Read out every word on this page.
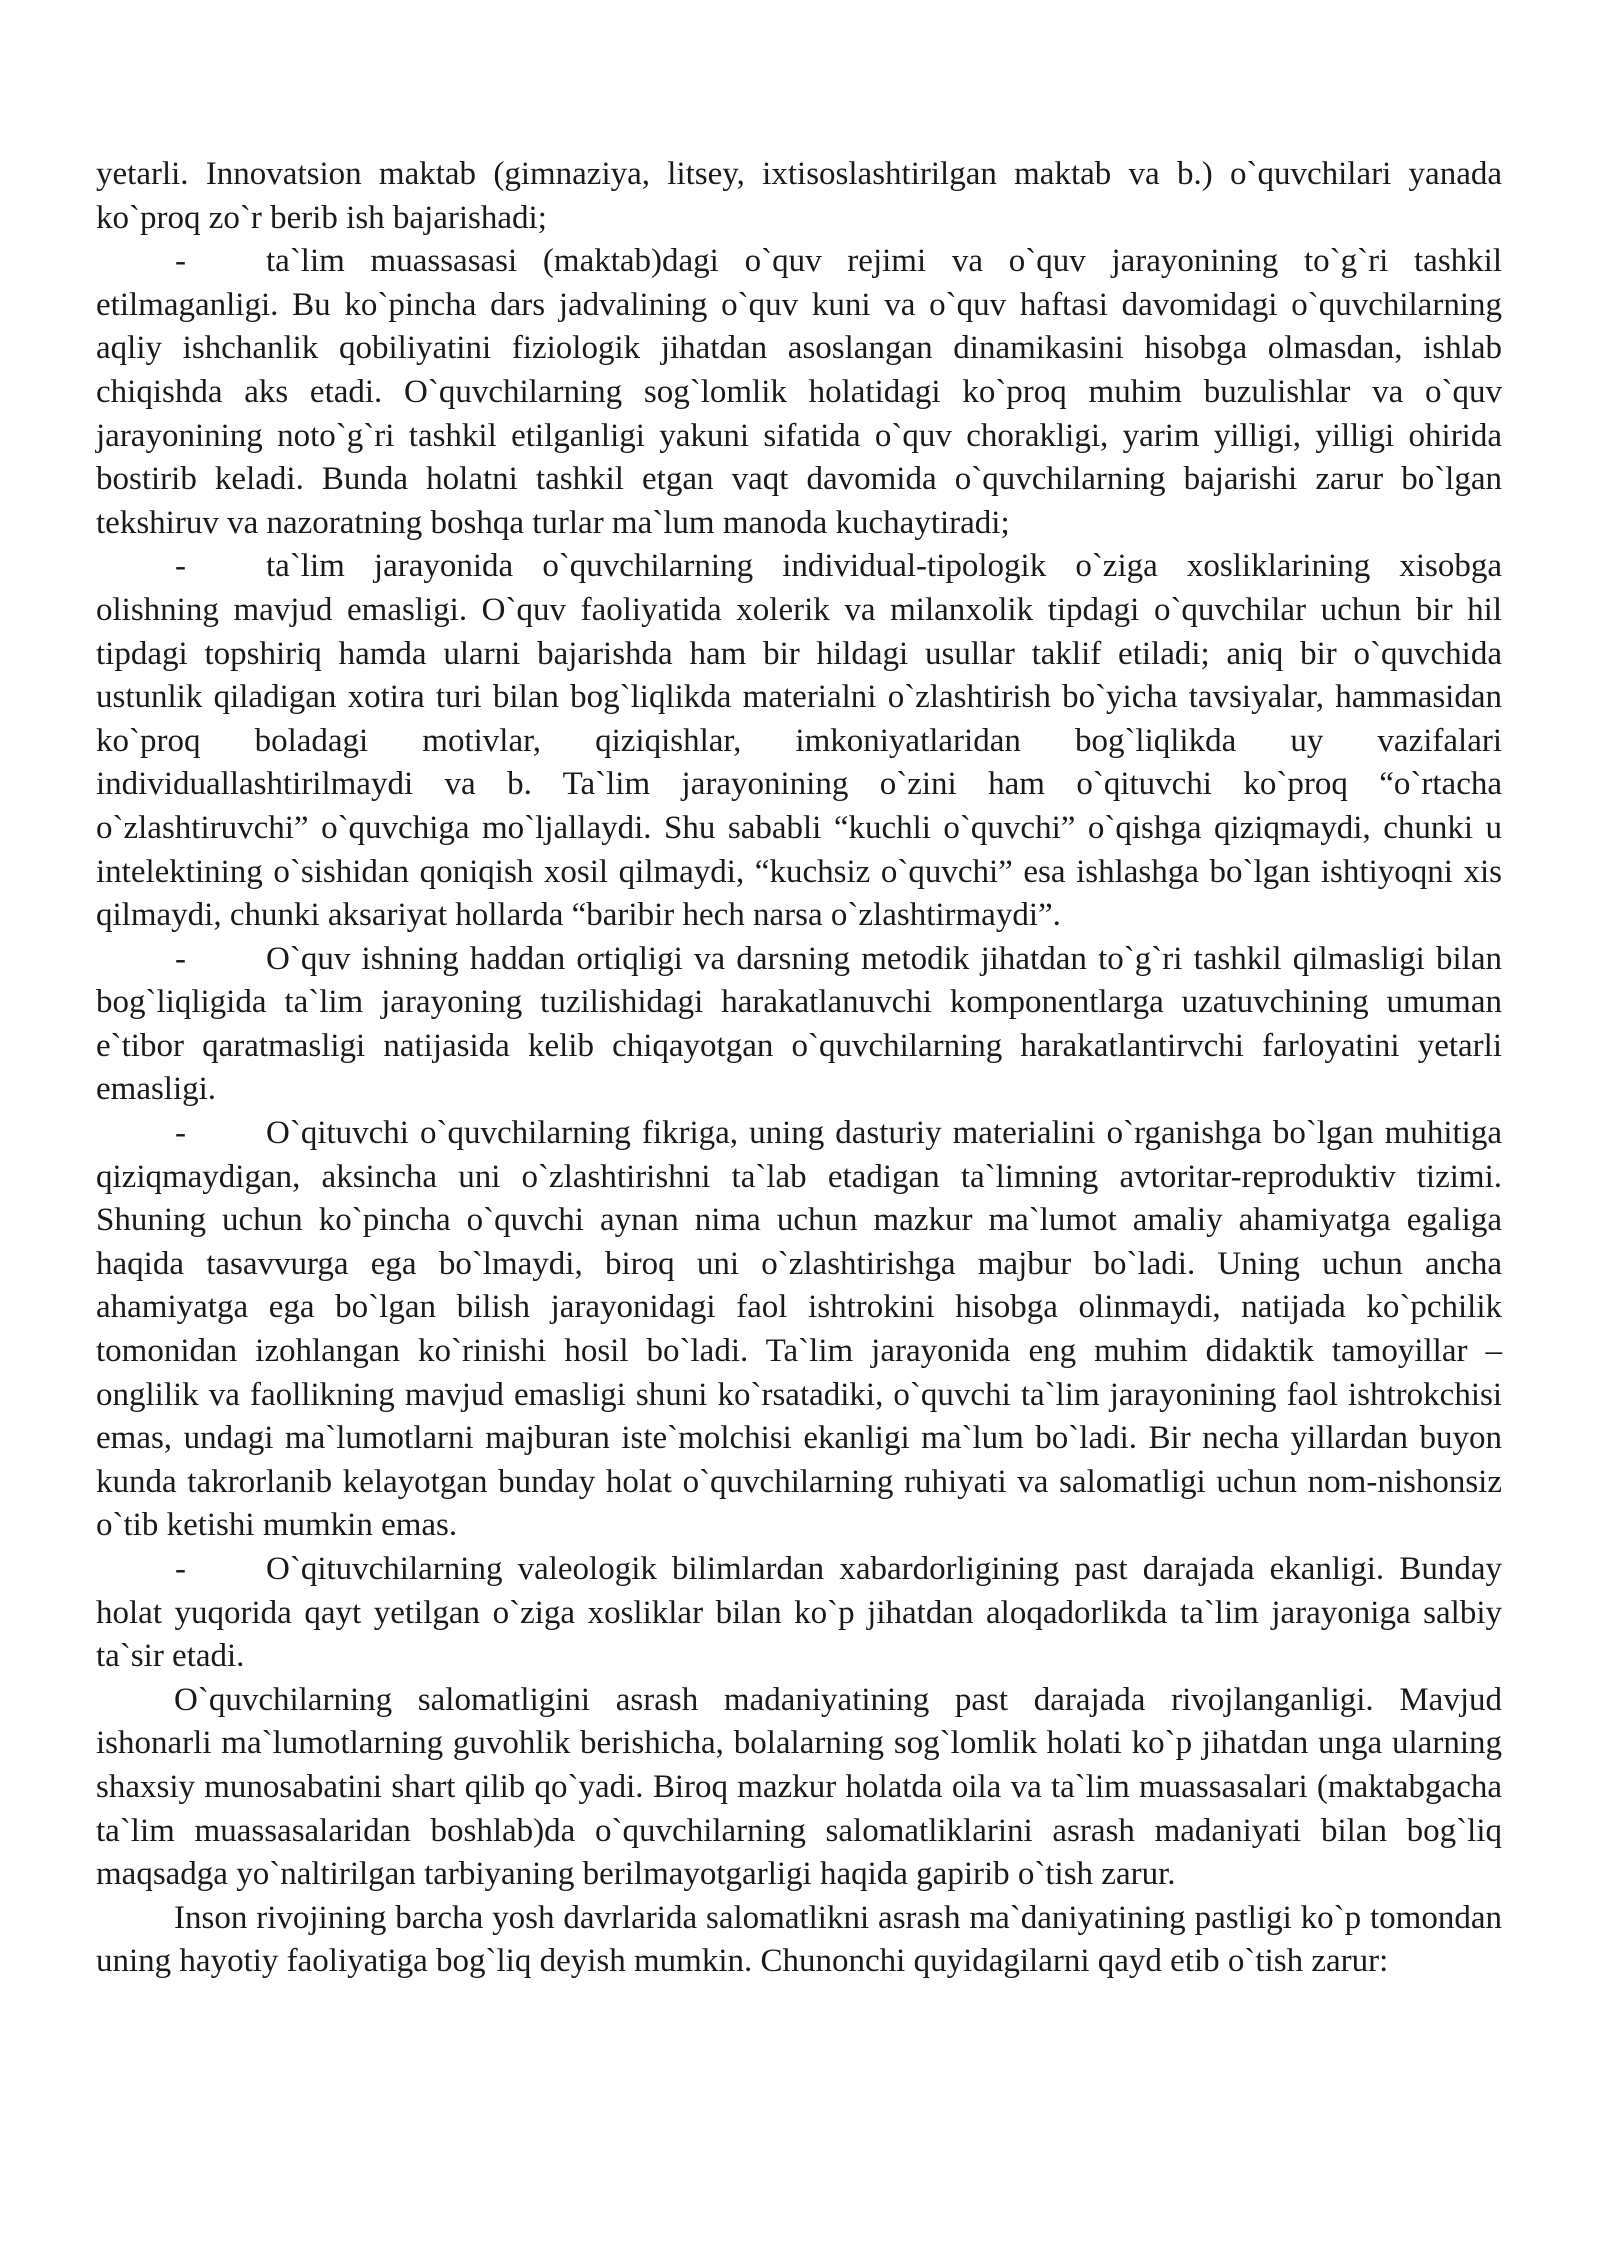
yetarli. Innovatsion maktab (gimnaziya, litsey, ixtisoslashtirilgan maktab va b.) o`quvchilari yanada ko`proq zo`r berib ish bajarishadi;

- ta`lim muassasasi (maktab)dagi o`quv rejimi va o`quv jarayonining to`g`ri tashkil etilmaganligi. Bu ko`pincha dars jadvalining o`quv kuni va o`quv haftasi davomidagi o`quvchilarning aqliy ishchanlik qobiliyatini fiziologik jihatdan asoslangan dinamikasini hisobga olmasdan, ishlab chiqishda aks etadi. O`quvchilarning sog`lomlik holatidagi ko`proq muhim buzulishlar va o`quv jarayonining noto`g`ri tashkil etilganligi yakuni sifatida o`quv chorakligi, yarim yilligi, yilligi ohirida bostirib keladi. Bunda holatni tashkil etgan vaqt davomida o`quvchilarning bajarishi zarur bo`lgan tekshiruv va nazoratning boshqa turlar ma`lum manoda kuchaytiradi;

- ta`lim jarayonida o`quvchilarning individual-tipologik o`ziga xosliklarining xisobga olishning mavjud emasligi. O`quv faoliyatida xolerik va milanxolik tipdagi o`quvchilar uchun bir hil tipdagi topshiriq hamda ularni bajarishda ham bir hildagi usullar taklif etiladi; aniq bir o`quvchida ustunlik qiladigan xotira turi bilan bog`liqlikda materialni o`zlashtirish bo`yicha tavsiyalar, hammasidan ko`proq boladagi motivlar, qiziqishlar, imkoniyatlaridan bog`liqlikda uy vazifalari individuallashtirilmaydi va b. Ta`lim jarayonining o`zini ham o`qituvchi ko`proq “o`rtacha o`zlashtiruvchi” o`quvchiga mo`ljallaydi. Shu sababli “kuchli o`quvchi” o`qishga qiziqmaydi, chunki u intelektining o`sishidan qoniqish xosil qilmaydi, “kuchsiz o`quvchi” esa ishlashga bo`lgan ishtiyoqni xis qilmaydi, chunki aksariyat hollarda “baribir hech narsa o`zlashtirmaydi”.

- O`quv ishning haddan ortiqligi va darsning metodik jihatdan to`g`ri tashkil qilmasligi bilan bog`liqligida ta`lim jarayoning tuzilishidagi harakatlanuvchi komponentlarga uzatuvchining umuman e`tibor qaratmasligi natijasida kelib chiqayotgan o`quvchilarning harakatlantirvchi farloyatini yetarli emasligi.

- O`qituvchi o`quvchilarning fikriga, uning dasturiy materialini o`rganishga bo`lgan muhitiga qiziqmaydigan, aksincha uni o`zlashtirishni ta`lab etadigan ta`limning avtoritar-reproduktiv tizimi. Shuning uchun ko`pincha o`quvchi aynan nima uchun mazkur ma`lumot amaliy ahamiyatga egaliga haqida tasavvurga ega bo`lmaydi, biroq uni o`zlashtirishga majbur bo`ladi. Uning uchun ancha ahamiyatga ega bo`lgan bilish jarayonidagi faol ishtrokini hisobga olinmaydi, natijada ko`pchilik tomonidan izohlangan ko`rinishi hosil bo`ladi. Ta`lim jarayonida eng muhim didaktik tamoyillar – onglilik va faollikning mavjud emasligi shuni ko`rsatadiki, o`quvchi ta`lim jarayonining faol ishtrokchisi emas, undagi ma`lumotlarni majburan iste`molchisi ekanligi ma`lum bo`ladi. Bir necha yillardan buyon kunda takrorlanib kelayotgan bunday holat o`quvchilarning ruhiyati va salomatligi uchun nom-nishonsiz o`tib ketishi mumkin emas.

- O`qituvchilarning valeologik bilimlardan xabardorligining past darajada ekanligi. Bunday holat yuqorida qayt yetilgan o`ziga xosliklar bilan ko`p jihatdan aloqadorlikda ta`lim jarayoniga salbiy ta`sir etadi.

O`quvchilarning salomatligini asrash madaniyatining past darajada rivojlanganligi. Mavjud ishonarli ma`lumotlarning guvohlik berishicha, bolalarning sog`lomlik holati ko`p jihatdan unga ularning shaxsiy munosabatini shart qilib qo`yadi. Biroq mazkur holatda oila va ta`lim muassasalari (maktabgacha ta`lim muassasalaridan boshlab)da o`quvchilarning salomatliklarini asrash madaniyati bilan bog`liq maqsadga yo`naltirilgan tarbiyaning berilmayotgarligi haqida gapirib o`tish zarur.

Inson rivojining barcha yosh davrlarida salomatlikni asrash ma`daniyatining pastligi ko`p tomondan uning hayotiy faoliyatiga bog`liq deyish mumkin. Chunonchi quyidagilarni qayd etib o`tish zarur:
